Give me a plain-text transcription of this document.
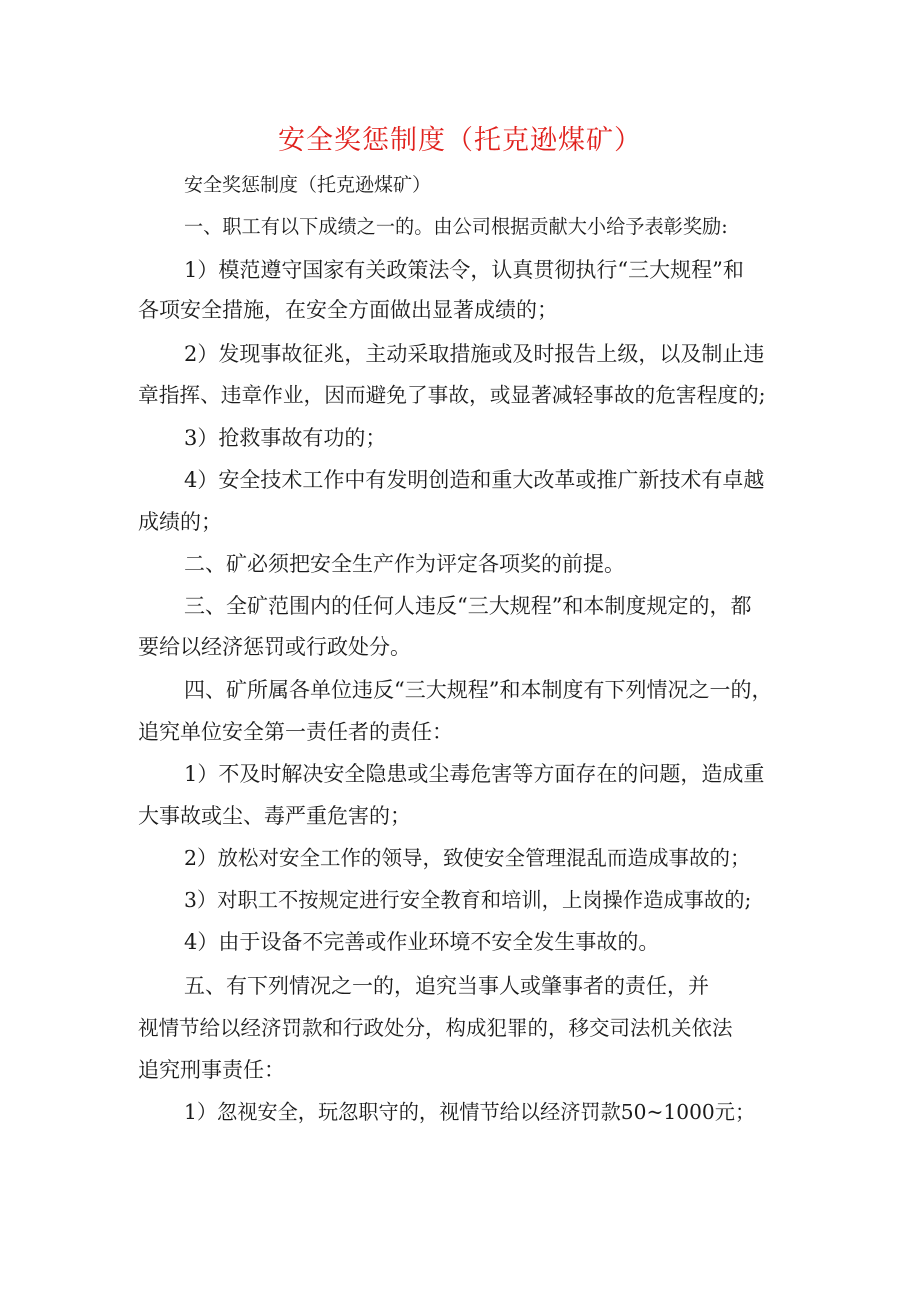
安全奖惩制度（托克逊煤矿）
安全奖惩制度（托克逊煤矿）
一、职工有以下成绩之一的。由公司根据贡献大小给予表彰奖励:
1）模范遵守国家有关政策法令，认真贯彻执行“三大规程”和
各项安全措施，在安全方面做出显著成绩的；
2）发现事故征兆，主动采取措施或及时报告上级，以及制止违
章指挥、违章作业，因而避免了事故，或显著减轻事故的危害程度的;
3）抢救事故有功的；
4）安全技术工作中有发明创造和重大改革或推广新技术有卓越
成绩的；
二、矿必须把安全生产作为评定各项奖的前提。
三、全矿范围内的任何人违反“三大规程”和本制度规定的，都
要给以经济惩罚或行政处分。
四、矿所属各单位违反“三大规程”和本制度有下列情况之一的，
追究单位安全第一责任者的责任：
1）不及时解决安全隐患或尘毒危害等方面存在的问题，造成重
大事故或尘、毒严重危害的；
2）放松对安全工作的领导，致使安全管理混乱而造成事故的；
3）对职工不按规定进行安全教育和培训，上岗操作造成事故的;
4）由于设备不完善或作业环境不安全发生事故的。
五、有下列情况之一的，追究当事人或肇事者的责任，并
视情节给以经济罚款和行政处分，构成犯罪的，移交司法机关依法
追究刑事责任：
1）忽视安全，玩忽职守的，视情节给以经济罚款50~1000元；
